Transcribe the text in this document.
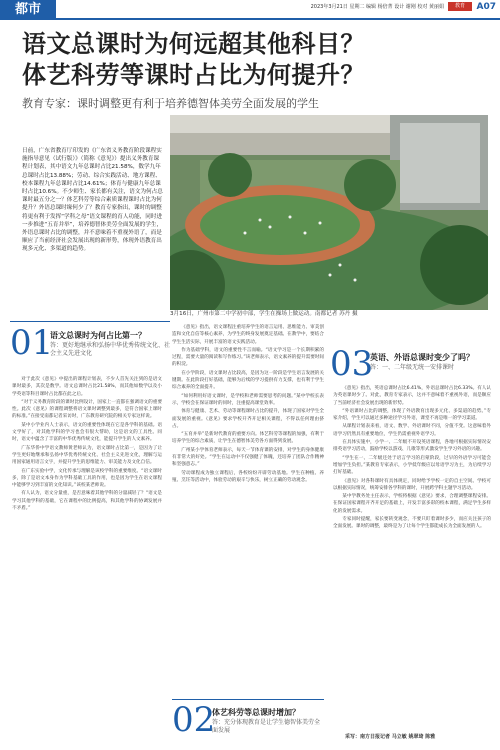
都市	2023年3月21日 星期二 编辑 杨倍菁 设计 谢刚 校对 黄丽娟	教育	A07
语文总课时为何远超其他科目？
体艺科劳等课时占比为何提升？
教育专家：课时调整更有利于培养德智体美劳全面发展的学生
日前，广东省教育厅印发的《广东省义务教育阶段课程实施指导意见（试行版）》（简称《意见》）提出义务教育课程计划表，其中语文九年总课时占比21.58%，数学九年总课时占比13.88%；劳动、综合实践活动、地方课程、校本课程九年总课时占比14.61%；体育与健康九年总课时占比10.6%。不少师生、家长都有关注，语文为何占总课时最五分之一？体艺科劳等综合素质课程课时占比为何提升？外语总课时缘何少了？教育专家指出，课时的调整将更有利于发挥“学科之母”语文课程的育人功能，同时进一步推进“五育并举”，培养德智体美劳全面发展的学生，外语总课时占比的调整，并不意味着不重视外语了，而是顺应了当前经济社会发展出现的新形势，体现外语教育出现多元化、多渠道的趋势。
3月16日，广州市第二中学初中部，学生在操场上做运动。南都记者 苏丹 摄
01
语文总课时为何占比第一？
答：更好地继承和弘扬中华优秀传统文化、社会主义先进文化	03
英语、外语总课时变少了吗？
答：一、二年级无统一安排课时

对于此次《意见》中提出的课程计划表，不少人首先关注到的是语文课时最多，其次是数学。语文总课时占比21.58%，而其他如数学以及小学英语等科目课时占比都在此之后。

“对于义务教育阶段的课时比例设计，国家上一直都在强调语文的重要性。此次《意见》的课程调整将语文课时调整到最多，是符合国家上课时的标准。”在接受南都记者采访时，广东教育研究院的相关专家这样说。

某中小学业内人士表示，语文的重要性体现在它是各学科的基础。语文学好了，对其他学科的学习也会有很大帮助，这是语文的工具性。同时，语文中蕴含了丰富的中华优秀传统文化，能提升学生的人文素养。

广东华侨中学语文教师黄老师认为，语文课时占比第一，是因为了让学生更好地继承和弘扬中华优秀传统文化、社会主义先进文化，理解与运用国家通用语言文字，并提升学生的思维能力、审美能力及文化自信。

在广东实验中学，文化传承与理解是该校学科的重要维度。“语文课时多，除了是语文本身作为学科基础工具的作用，也是因为学生在语文课程中能够学习到丰富的文化知识。”该校某老师说。

有人认为，语文分量重，是否意味着其他学科的分量减轻了？“语文是学习其他学科的基础，它在课程中的比例提高，和其他学科的协调发展并不矛盾。”

《意见》指出，语文课程注重培养学生的语言运用、思维能力、审美创造和文化自信等核心素养，为学生的终身发展奠定基础。在教学中，要结合学生生活实际，开展丰富的语文实践活动。

作为基础学科，语文的重要性不言而喻。“语文学习是一个长期积累的过程，需要大量的阅读和写作练习。”该老师表示，语文素养的提升需要时间的积淀。

在小学阶段，语文课时占比较高，是因为这一阶段是学生语言发展的关键期。在此阶段打好基础，能够为后续的学习提供有力支撑，也有利于学生综合素养的全面提升。

“如何利用好语文课时，是学校和老师需要思考的问题。”某中学校长表示，学校会在保证课时的同时，注重提高课堂效率。

体育与健康、艺术、劳动等课程课时占比的提升，体现了国家对学生全面发展的重视。《意见》要求学校开齐开足相关课程，不得以任何理由挤占。

“五育并举”是新时代教育的重要方向。体艺科劳等课程的加强，有利于培养学生的综合素质，让学生在德智体美劳各方面得到发展。

广州某小学体育老师表示，每天一节体育课的安排，对学生的身体健康有非常大的好处。“学生在运动中不仅强健了体魄，还培养了团队合作精神和坚强意志。”

劳动课程成为独立课程后，各校纷纷开辟劳动基地。学生在种植、养殖、烹饪等活动中，体验劳动的艰辛与快乐，树立正确的劳动观念。

02
体艺科劳等总课时增加？
答：充分体现教育是让学生德智体美劳全面发展

《意见》指出，英语总课时占比6.41%，外语总课时占比6.33%。有人认为英语课时少了。对此，教育专家表示，这并不意味着不重视外语，而是顺应了当前经济社会发展出现的新形势。

“外语课时占比的调整，体现了外语教育出现多元化、多渠道的趋势。”专家介绍，学生可以通过多种途径学习外语，课堂不再是唯一的学习渠道。

从课程计划表来看，语文、数学、外语课时不同，分值不变。这意味着外语学习仍然具有重要地位，学生仍需重视外语学习。

在具体实施中，小学一、二年级不开设英语课程，各地可根据实际情况安排英语学习活动，鼓励学校以游戏、儿歌等形式激发学生学习外语的兴趣。

“学生在一、二年级还处于语言学习的启蒙阶段，过早的外语学习可能会增加学生负担。”某教育专家表示，小学低年级应以母语学习为主，为后续学习打好基础。

《意见》对各科课时有具体规定，同时给予学校一定的自主空间。学校可以根据实际情况，统筹安排各学科的课时，开展跨学科主题学习活动。

某中学教务处主任表示，学校将根据《意见》要求，合理调整课程安排。在保证国家课程开齐开足的基础上，开发丰富多彩的校本课程，满足学生多样化的发展需求。

专家同时提醒，家长要转变观念，不要只盯着课时多少，而应关注孩子的全面发展。课时的调整，最终是为了让每个学生都能成长为全面发展的人。

采写：南方日报记者 马立敏 姚翠琦 陈雅
